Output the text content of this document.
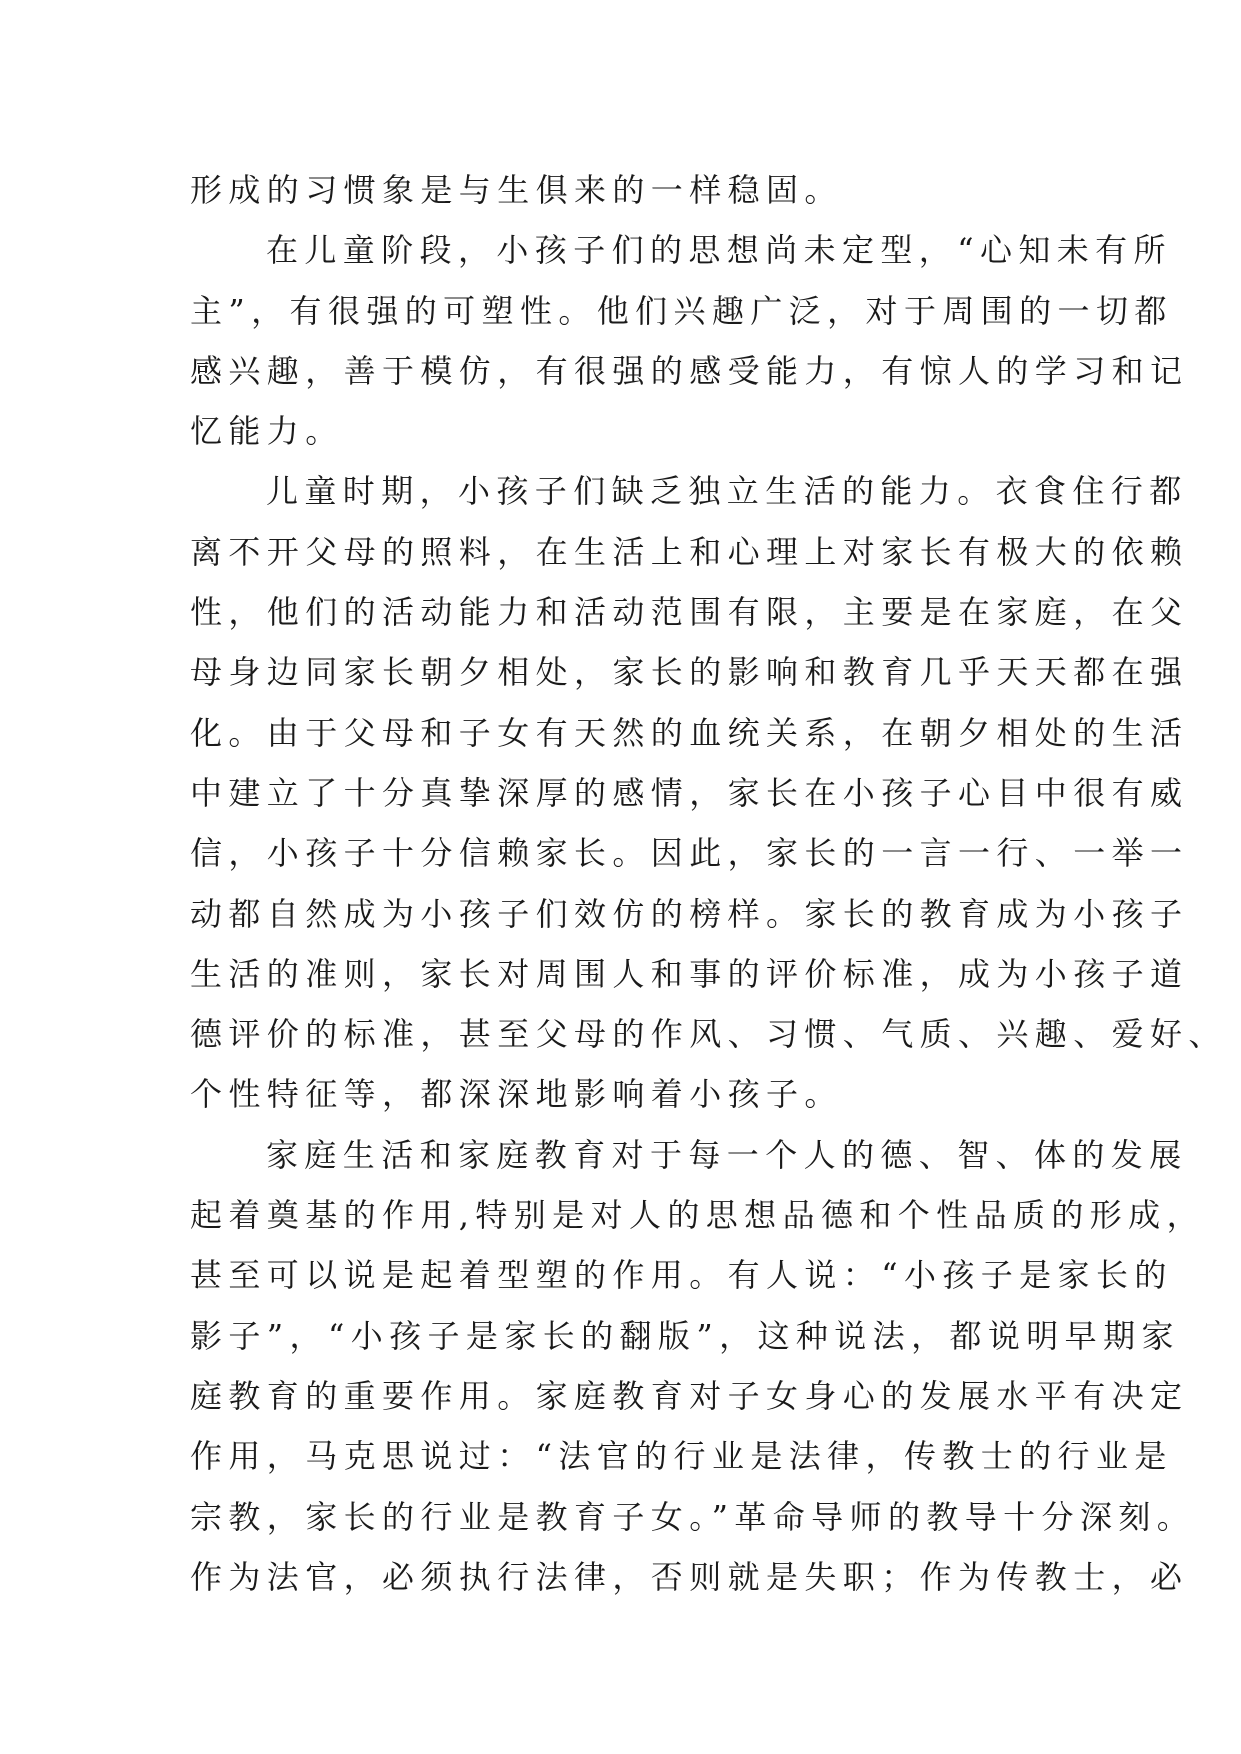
形成的习惯象是与生俱来的一样稳固。
在儿童阶段，小孩子们的思想尚未定型，“心知未有所
主”，有很强的可塑性。他们兴趣广泛，对于周围的一切都
感兴趣，善于模仿，有很强的感受能力，有惊人的学习和记
忆能力。
儿童时期，小孩子们缺乏独立生活的能力。衣食住行都
离不开父母的照料，在生活上和心理上对家长有极大的依赖
性，他们的活动能力和活动范围有限，主要是在家庭，在父
母身边同家长朝夕相处，家长的影响和教育几乎天天都在强
化。由于父母和子女有天然的血统关系，在朝夕相处的生活
中建立了十分真挚深厚的感情，家长在小孩子心目中很有威
信，小孩子十分信赖家长。因此，家长的一言一行、一举一
动都自然成为小孩子们效仿的榜样。家长的教育成为小孩子
生活的准则，家长对周围人和事的评价标准，成为小孩子道
德评价的标准，甚至父母的作风、习惯、气质、兴趣、爱好、
个性特征等，都深深地影响着小孩子。
家庭生活和家庭教育对于每一个人的德、智、体的发展
起着奠基的作用,特别是对人的思想品德和个性品质的形成，
甚至可以说是起着型塑的作用。有人说：“小孩子是家长的
影子”，“小孩子是家长的翻版”，这种说法，都说明早期家
庭教育的重要作用。家庭教育对子女身心的发展水平有决定
作用，马克思说过：“法官的行业是法律，传教士的行业是
宗教，家长的行业是教育子女。”革命导师的教导十分深刻。
作为法官，必须执行法律，否则就是失职；作为传教士，必
